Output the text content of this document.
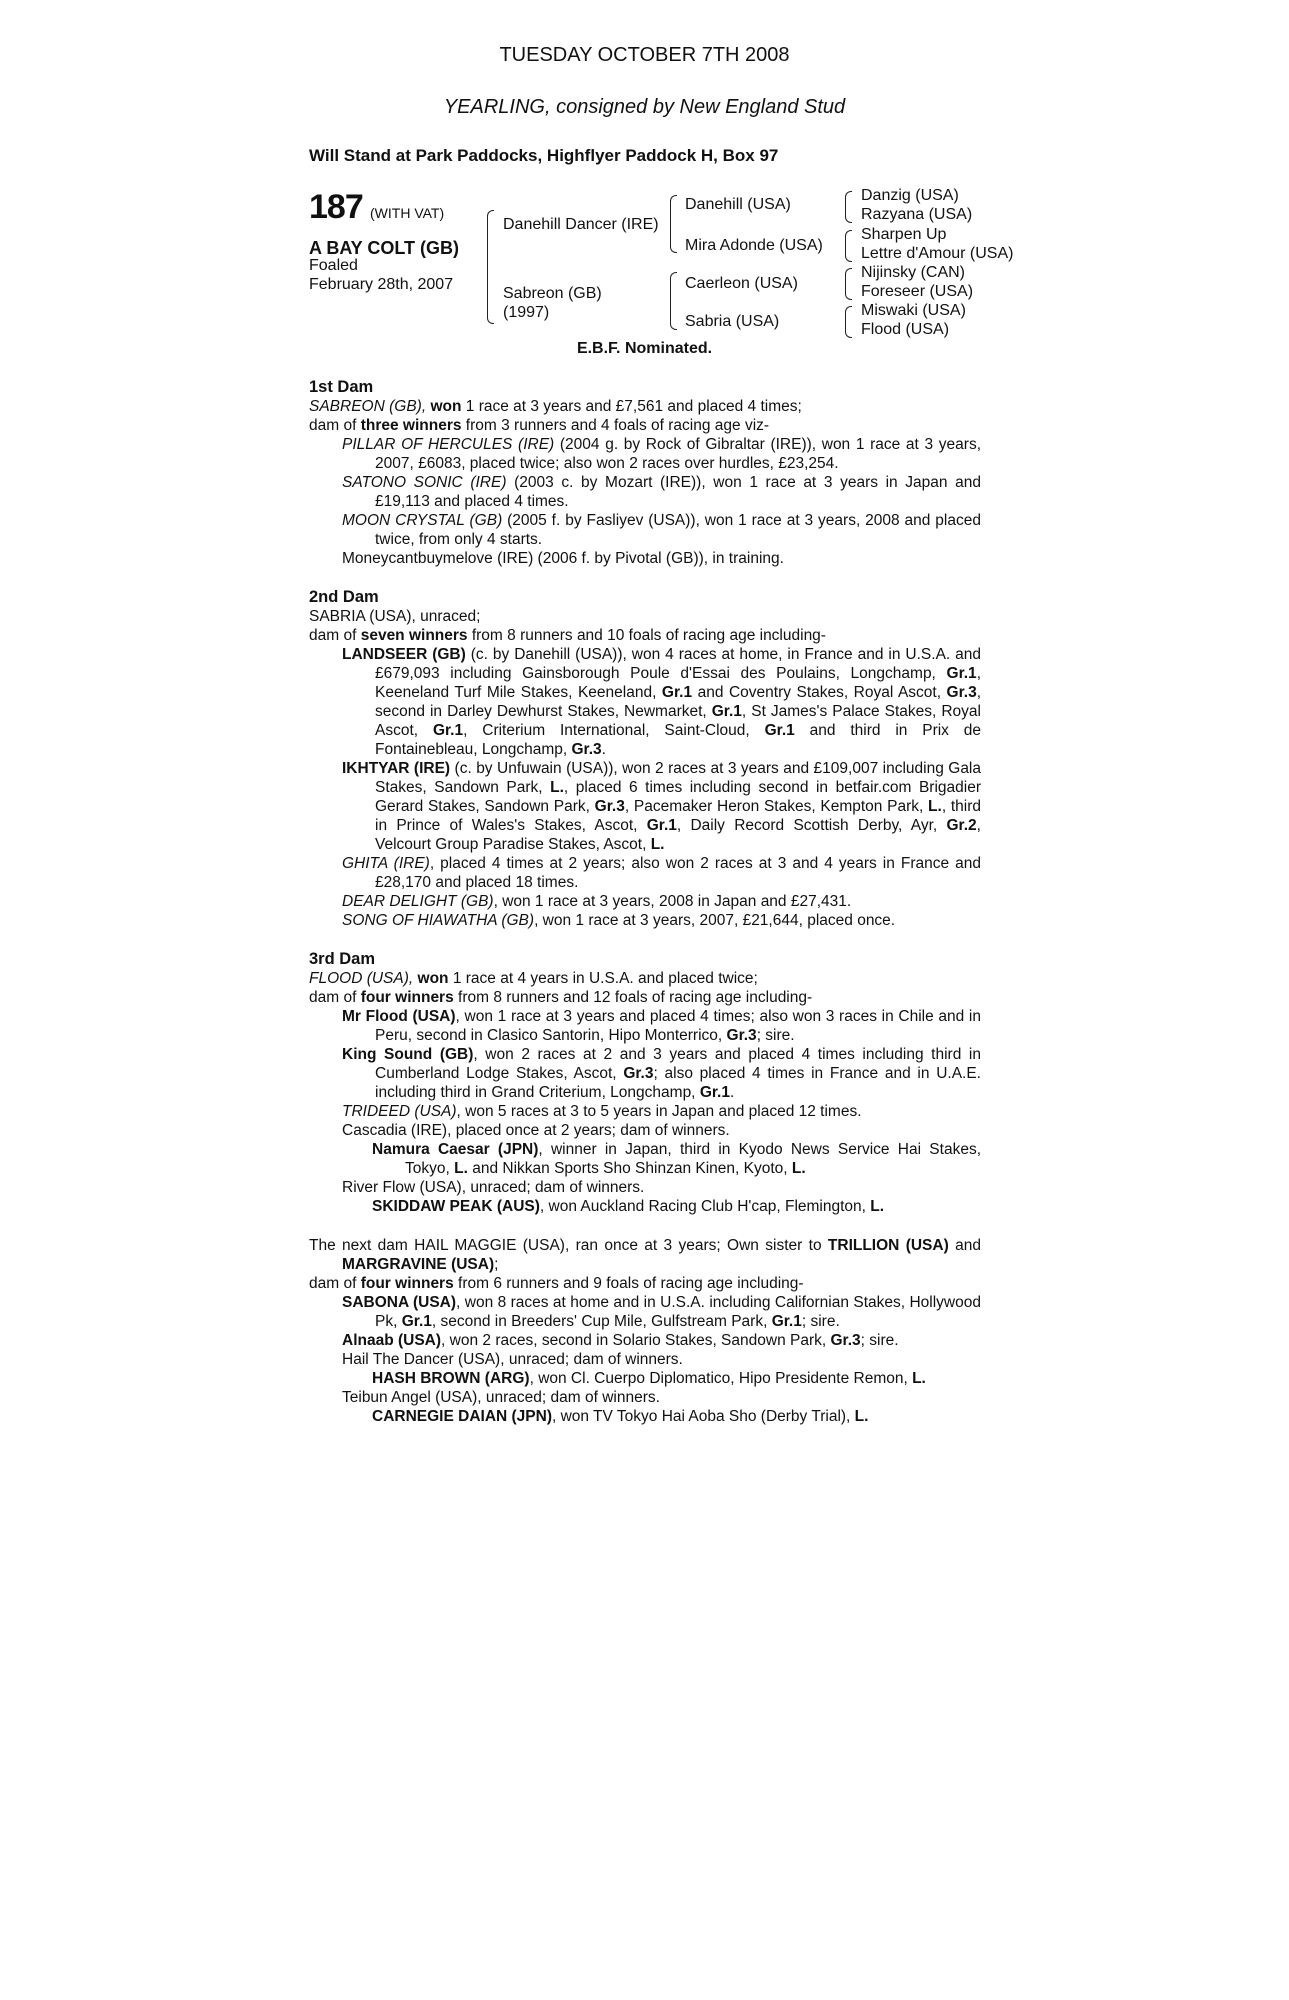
TUESDAY OCTOBER 7TH 2008
YEARLING, consigned by New England Stud
Will Stand at Park Paddocks, Highflyer Paddock H, Box 97
187 (WITH VAT)
A BAY COLT (GB)
Foaled
February 28th, 2007
Danehill Dancer (IRE)
Sabreon (GB)
(1997)
Danehill (USA)
Mira Adonde (USA)
Caerleon (USA)
Sabria (USA)
Danzig (USA)
Razyana (USA)
Sharpen Up
Lettre d'Amour (USA)
Nijinsky (CAN)
Foreseer (USA)
Miswaki (USA)
Flood (USA)
E.B.F. Nominated.
1st Dam
SABREON (GB), won 1 race at 3 years and £7,561 and placed 4 times;
dam of three winners from 3 runners and 4 foals of racing age viz-
PILLAR OF HERCULES (IRE) (2004 g. by Rock of Gibraltar (IRE)), won 1 race at 3 years, 2007, £6083, placed twice; also won 2 races over hurdles, £23,254.
SATONO SONIC (IRE) (2003 c. by Mozart (IRE)), won 1 race at 3 years in Japan and £19,113 and placed 4 times.
MOON CRYSTAL (GB) (2005 f. by Fasliyev (USA)), won 1 race at 3 years, 2008 and placed twice, from only 4 starts.
Moneycantbuymelove (IRE) (2006 f. by Pivotal (GB)), in training.
2nd Dam
SABRIA (USA), unraced;
dam of seven winners from 8 runners and 10 foals of racing age including-
LANDSEER (GB) (c. by Danehill (USA)), won 4 races at home, in France and in U.S.A. and £679,093 including Gainsborough Poule d'Essai des Poulains, Longchamp, Gr.1, Keeneland Turf Mile Stakes, Keeneland, Gr.1 and Coventry Stakes, Royal Ascot, Gr.3, second in Darley Dewhurst Stakes, Newmarket, Gr.1, St James's Palace Stakes, Royal Ascot, Gr.1, Criterium International, Saint-Cloud, Gr.1 and third in Prix de Fontainebleau, Longchamp, Gr.3.
IKHTYAR (IRE) (c. by Unfuwain (USA)), won 2 races at 3 years and £109,007 including Gala Stakes, Sandown Park, L., placed 6 times including second in betfair.com Brigadier Gerard Stakes, Sandown Park, Gr.3, Pacemaker Heron Stakes, Kempton Park, L., third in Prince of Wales's Stakes, Ascot, Gr.1, Daily Record Scottish Derby, Ayr, Gr.2, Velcourt Group Paradise Stakes, Ascot, L.
GHITA (IRE), placed 4 times at 2 years; also won 2 races at 3 and 4 years in France and £28,170 and placed 18 times.
DEAR DELIGHT (GB), won 1 race at 3 years, 2008 in Japan and £27,431.
SONG OF HIAWATHA (GB), won 1 race at 3 years, 2007, £21,644, placed once.
3rd Dam
FLOOD (USA), won 1 race at 4 years in U.S.A. and placed twice;
dam of four winners from 8 runners and 12 foals of racing age including-
Mr Flood (USA), won 1 race at 3 years and placed 4 times; also won 3 races in Chile and in Peru, second in Clasico Santorin, Hipo Monterrico, Gr.3; sire.
King Sound (GB), won 2 races at 2 and 3 years and placed 4 times including third in Cumberland Lodge Stakes, Ascot, Gr.3; also placed 4 times in France and in U.A.E. including third in Grand Criterium, Longchamp, Gr.1.
TRIDEED (USA), won 5 races at 3 to 5 years in Japan and placed 12 times.
Cascadia (IRE), placed once at 2 years; dam of winners.
Namura Caesar (JPN), winner in Japan, third in Kyodo News Service Hai Stakes, Tokyo, L. and Nikkan Sports Sho Shinzan Kinen, Kyoto, L.
River Flow (USA), unraced; dam of winners.
SKIDDAW PEAK (AUS), won Auckland Racing Club H'cap, Flemington, L.
The next dam HAIL MAGGIE (USA), ran once at 3 years; Own sister to TRILLION (USA) and MARGRAVINE (USA);
dam of four winners from 6 runners and 9 foals of racing age including-
SABONA (USA), won 8 races at home and in U.S.A. including Californian Stakes, Hollywood Pk, Gr.1, second in Breeders' Cup Mile, Gulfstream Park, Gr.1; sire.
Alnaab (USA), won 2 races, second in Solario Stakes, Sandown Park, Gr.3; sire.
Hail The Dancer (USA), unraced; dam of winners.
HASH BROWN (ARG), won Cl. Cuerpo Diplomatico, Hipo Presidente Remon, L.
Teibun Angel (USA), unraced; dam of winners.
CARNEGIE DAIAN (JPN), won TV Tokyo Hai Aoba Sho (Derby Trial), L.
